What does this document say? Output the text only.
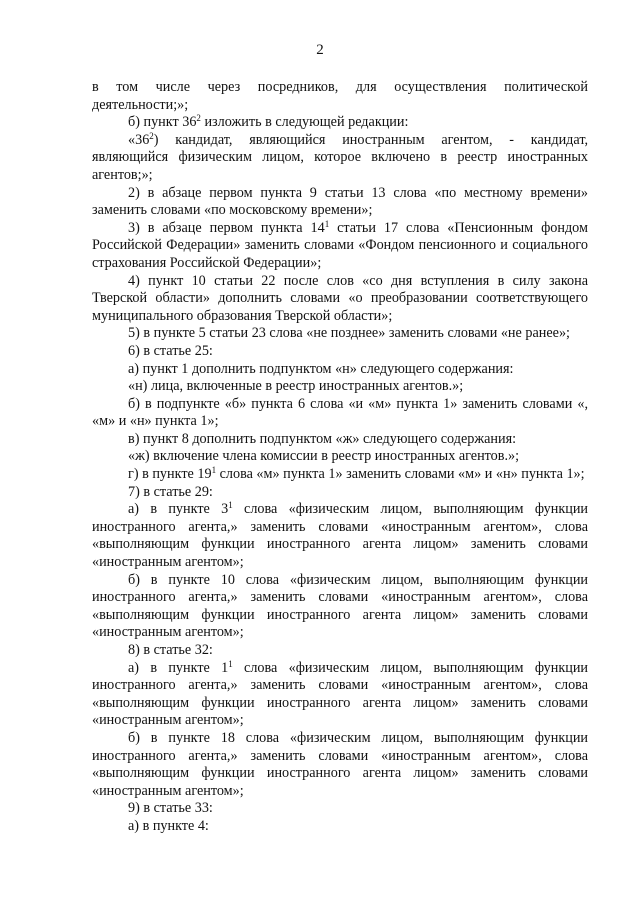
2

в том числе через посредников, для осуществления политической деятельности;»;

б) пункт $36^2$ изложить в следующей редакции:

«$36^2$) кандидат, являющийся иностранным агентом, - кандидат, являющийся физическим лицом, которое включено в реестр иностранных агентов;»;

2) в абзаце первом пункта 9 статьи 13 слова «по местному времени» заменить словами «по московскому времени»;

3) в абзаце первом пункта $14^1$ статьи 17 слова «Пенсионным фондом Российской Федерации» заменить словами «Фондом пенсионного и социального страхования Российской Федерации»;

4) пункт 10 статьи 22 после слов «со дня вступления в силу закона Тверской области» дополнить словами «о преобразовании соответствующего муниципального образования Тверской области»;

5) в пункте 5 статьи 23 слова «не позднее» заменить словами «не ранее»;

6) в статье 25:

а) пункт 1 дополнить подпунктом «н» следующего содержания:

«н) лица, включенные в реестр иностранных агентов.»;

б) в подпункте «б» пункта 6 слова «и «м» пункта 1» заменить словами «, «м» и «н» пункта 1»;

в) пункт 8 дополнить подпунктом «ж» следующего содержания:

«ж) включение члена комиссии в реестр иностранных агентов.»;

г) в пункте $19^1$ слова «м» пункта 1» заменить словами «м» и «н» пункта 1»;

7) в статье 29:

а) в пункте $3^1$ слова «физическим лицом, выполняющим функции иностранного агента,» заменить словами «иностранным агентом», слова «выполняющим функции иностранного агента лицом» заменить словами «иностранным агентом»;

б) в пункте 10 слова «физическим лицом, выполняющим функции иностранного агента,» заменить словами «иностранным агентом», слова «выполняющим функции иностранного агента лицом» заменить словами «иностранным агентом»;

8) в статье 32:

а) в пункте $1^1$ слова «физическим лицом, выполняющим функции иностранного агента,» заменить словами «иностранным агентом», слова «выполняющим функции иностранного агента лицом» заменить словами «иностранным агентом»;

б) в пункте 18 слова «физическим лицом, выполняющим функции иностранного агента,» заменить словами «иностранным агентом», слова «выполняющим функции иностранного агента лицом» заменить словами «иностранным агентом»;

9) в статье 33:

а) в пункте 4:
